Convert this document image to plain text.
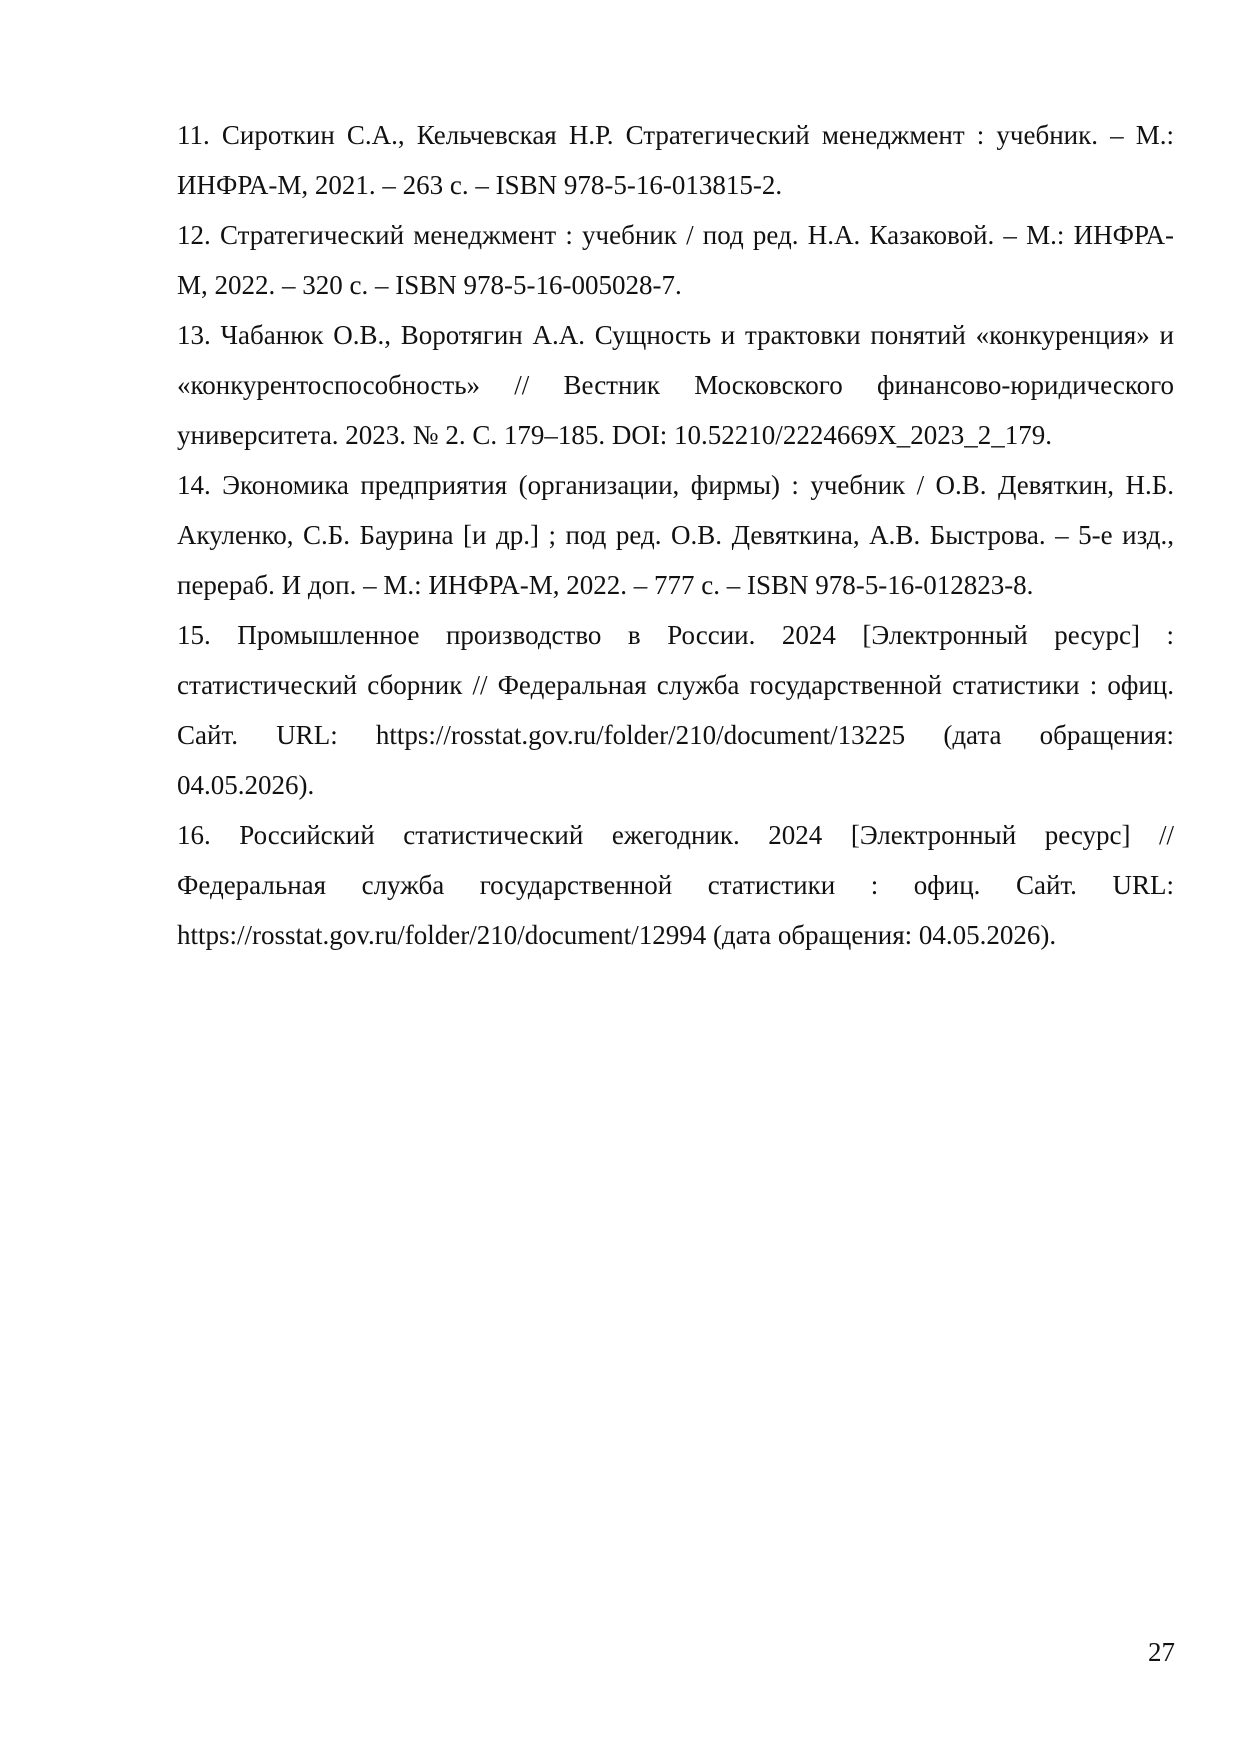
11. Сироткин С.А., Кельчевская Н.Р. Стратегический менеджмент : учебник. – М.: ИНФРА-М, 2021. – 263 с. – ISBN 978-5-16-013815-2.
12. Стратегический менеджмент : учебник / под ред. Н.А. Казаковой. – М.: ИНФРА-М, 2022. – 320 с. – ISBN 978-5-16-005028-7.
13. Чабанюк О.В., Воротягин А.А. Сущность и трактовки понятий «конкуренция» и «конкурентоспособность» // Вестник Московского финансово-юридического университета. 2023. № 2. С. 179–185. DOI: 10.52210/2224669X_2023_2_179.
14. Экономика предприятия (организации, фирмы) : учебник / О.В. Девяткин, Н.Б. Акуленко, С.Б. Баурина [и др.] ; под ред. О.В. Девяткина, А.В. Быстрова. – 5-е изд., перераб. И доп. – М.: ИНФРА-М, 2022. – 777 с. – ISBN 978-5-16-012823-8.
15. Промышленное производство в России. 2024 [Электронный ресурс] : статистический сборник // Федеральная служба государственной статистики : офиц. Сайт. URL: https://rosstat.gov.ru/folder/210/document/13225 (дата обращения: 04.05.2026).
16. Российский статистический ежегодник. 2024 [Электронный ресурс] // Федеральная служба государственной статистики : офиц. Сайт. URL: https://rosstat.gov.ru/folder/210/document/12994 (дата обращения: 04.05.2026).
27
